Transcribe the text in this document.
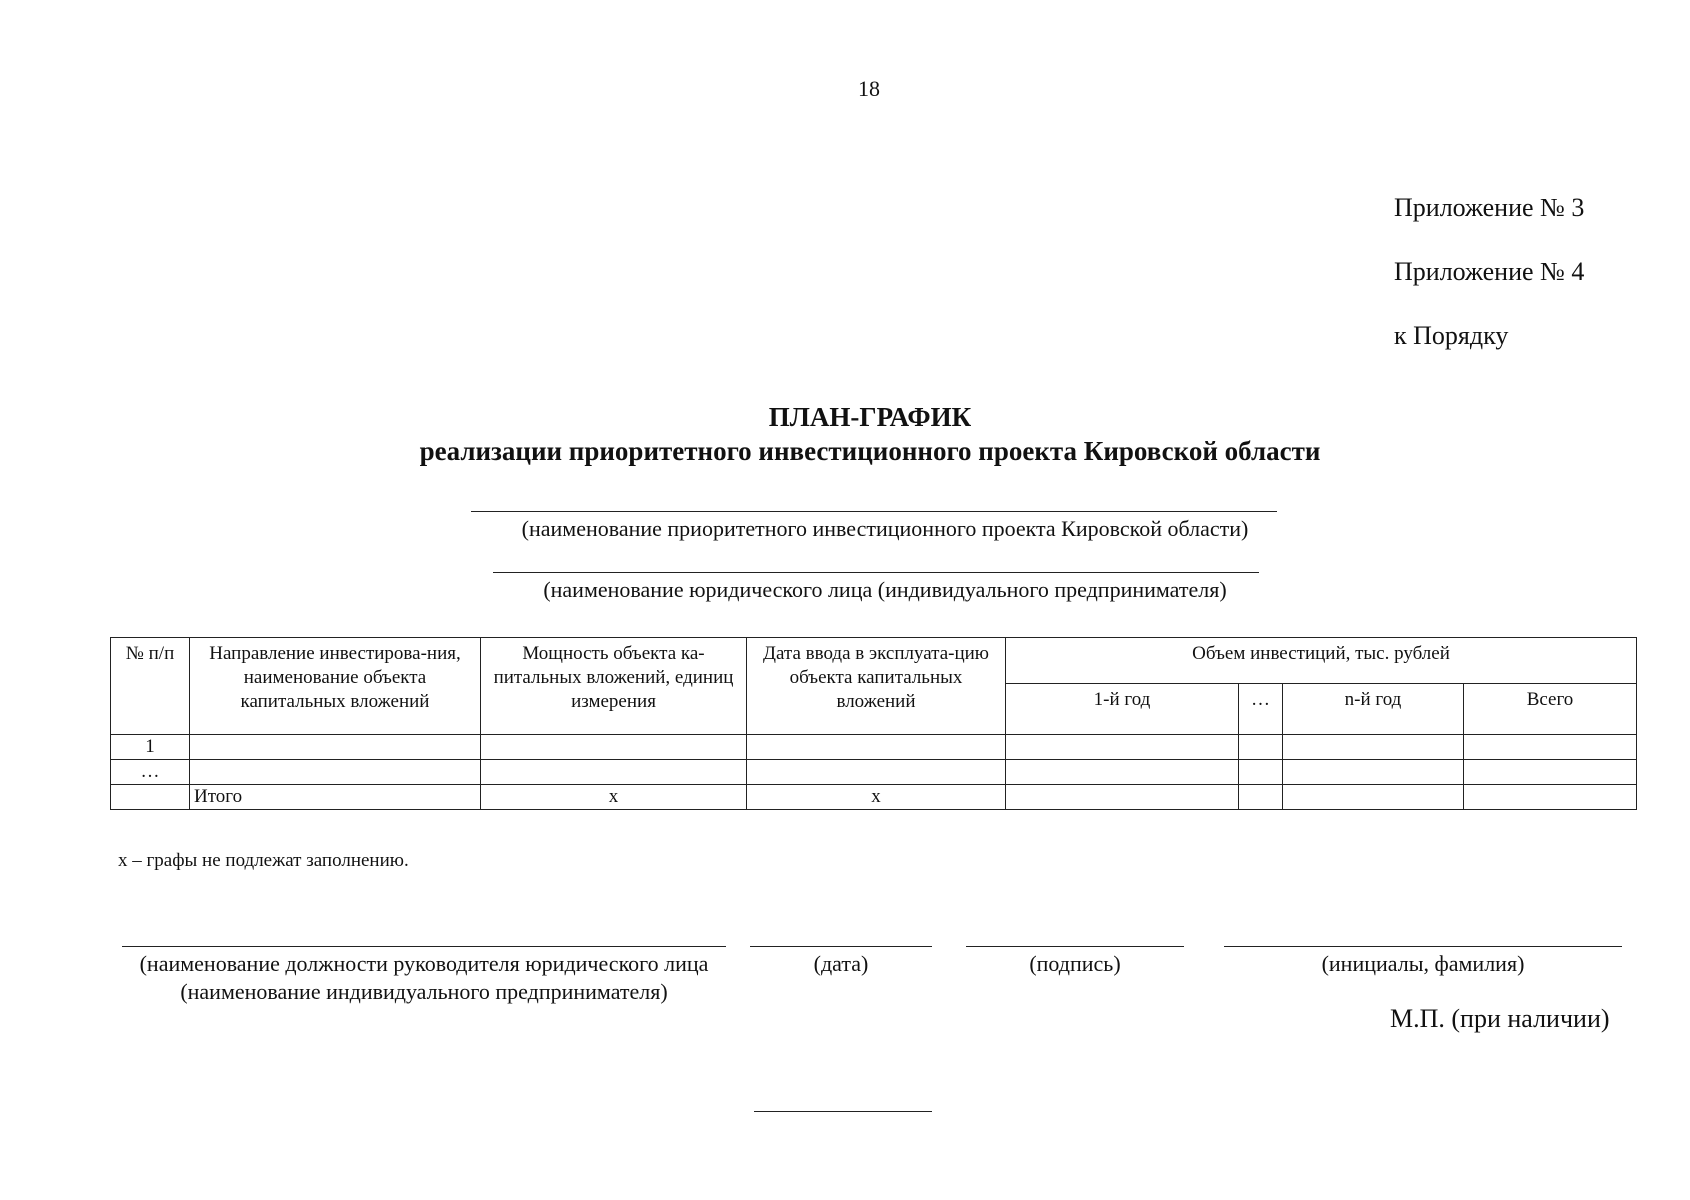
18
Приложение № 3
Приложение № 4
к Порядку
ПЛАН-ГРАФИК
реализации приоритетного инвестиционного проекта Кировской области
(наименование приоритетного инвестиционного проекта Кировской области)
(наименование юридического лица (индивидуального предпринимателя)
№ п/п	Направление инвестирова-ния, наименование объекта капитальных вложений	Мощность объекта ка-питальных вложений, единиц измерения	Дата ввода в эксплуата-цию объекта капитальных вложений	Объем инвестиций, тыс. рублей			
				1-й год	…	n-й год	Всего
1							
…							
	Итого	х	х				
х – графы не подлежат заполнению.
(наименование должности руководителя юридического лица (наименование индивидуального предпринимателя)
(дата)	(подпись)	(инициалы, фамилия)
М.П. (при наличии)
